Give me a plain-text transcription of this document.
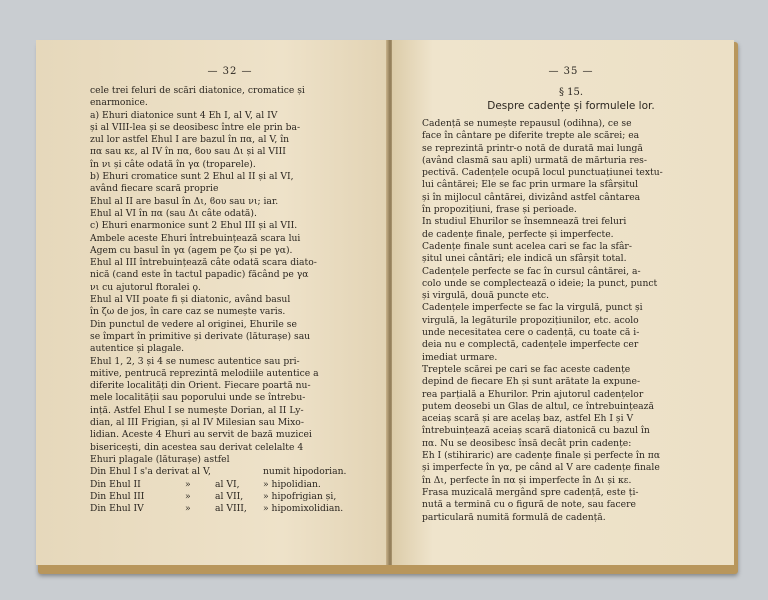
— 32 —
cele trei feluri de scări diatonice, cromatice și
enarmonice.
a) Ehuri diatonice sunt 4 Eh I, al V, al IV
și al VIII-lea și se deosibesc între ele prin ba-
zul lor astfel Ehul I are bazul în πα, al V, în
πα sau κε, al IV în πα, ϐου sau Δι și al VIII
în νι și câte odată în γα (troparele).
b) Ehuri cromatice sunt 2 Ehul al II și al VI,
având fiecare scară proprie
Ehul al II are basul în Δι, ϐου sau νι; iar.
Ehul al VI în πα (sau Δι câte odată).
c) Ehuri enarmonice sunt 2 Ehul III și al VII.
Ambele aceste Ehuri întrebuințează scara lui
Agem cu basul în γα (agem pe ζω și pe γα).
Ehul al III întrebuințează câte odată scara diato-
nică (cand este în tactul papadic) făcând pe γα
νι cu ajutorul ftoralei ϙ.
Ehul al VII poate fi și diatonic, având basul
în ζω de jos, în care caz se numește varis.
Din punctul de vedere al originei, Ehurile se
se împart în primitive și derivate (lăturașe) sau
autentice și plagale.
Ehul 1, 2, 3 și 4 se numesc autentice sau pri-
mitive, pentrucă reprezintă melodiile autentice a
diferite localități din Orient. Fiecare poartă nu-
mele localității sau poporului unde se întrebu-
ință. Astfel Ehul I se numește Dorian, al II Ly-
dian, al III Frigian, și al IV Milesian sau Mixo-
lidian. Aceste 4 Ehuri au servit de bază muzicei
bisericești, din acestea sau derivat celelalte 4
Ehuri plagale (lăturașe) astfel
Din Ehul I s'a derivat al V,	numit hipodorian.
Din Ehul II	»	al VI,	» hipolidian.
Din Ehul III	»	al VII,	» hipofrigian și,
Din Ehul IV	»	al VIII,	» hipomixolidian.
— 35 —
§ 15.
Despre cadențe și formulele lor.
Cadență se numește repausul (odihna), ce se
face în cântare pe diferite trepte ale scărei; ea
se reprezintă printr-o notă de durată mai lungă
(având clasmă sau apli) urmată de mărturia res-
pectivă. Cadențele ocupă locul punctuațiunei textu-
lui cântărei; Ele se fac prin urmare la sfârșitul
și în mijlocul cântărei, divizând astfel cântarea
în propozițiuni, frase și perioade.
In studiul Ehurilor se însemnează trei feluri
de cadențe finale, perfecte și imperfecte.
Cadențe finale sunt acelea cari se fac la sfâr-
șitul unei cântări; ele indică un sfârșit total.
Cadențele perfecte se fac în cursul cântărei, a-
colo unde se complectează o ideie; la punct, punct
și virgulă, două puncte etc.
Cadențele imperfecte se fac la virgulă, punct și
virgulă, la legăturile propozițiunilor, etc. acolo
unde necesitatea cere o cadență, cu toate că i-
deia nu e complectă, cadențele imperfecte cer
imediat urmare.
Treptele scărei pe cari se fac aceste cadențe
depind de fiecare Eh și sunt arătate la expune-
rea parțială a Ehurilor. Prin ajutorul cadențelor
putem deosebi un Glas de altul, ce întrebuințează
aceiaș scară și are acelaș baz, astfel Eh I și V
întrebuințează aceiaș scară diatonică cu bazul în
πα. Nu se deosibesc însă decât prin cadențe:
Eh I (stihiraric) are cadențe finale și perfecte în πα
și imperfecte în γα, pe când al V are cadențe finale
în Δι, perfecte în πα și imperfecte în Δι și κε.
Frasa muzicală mergând spre cadență, este ți-
nută a termină cu o figură de note, sau facere
particulară numită formulă de cadență.
